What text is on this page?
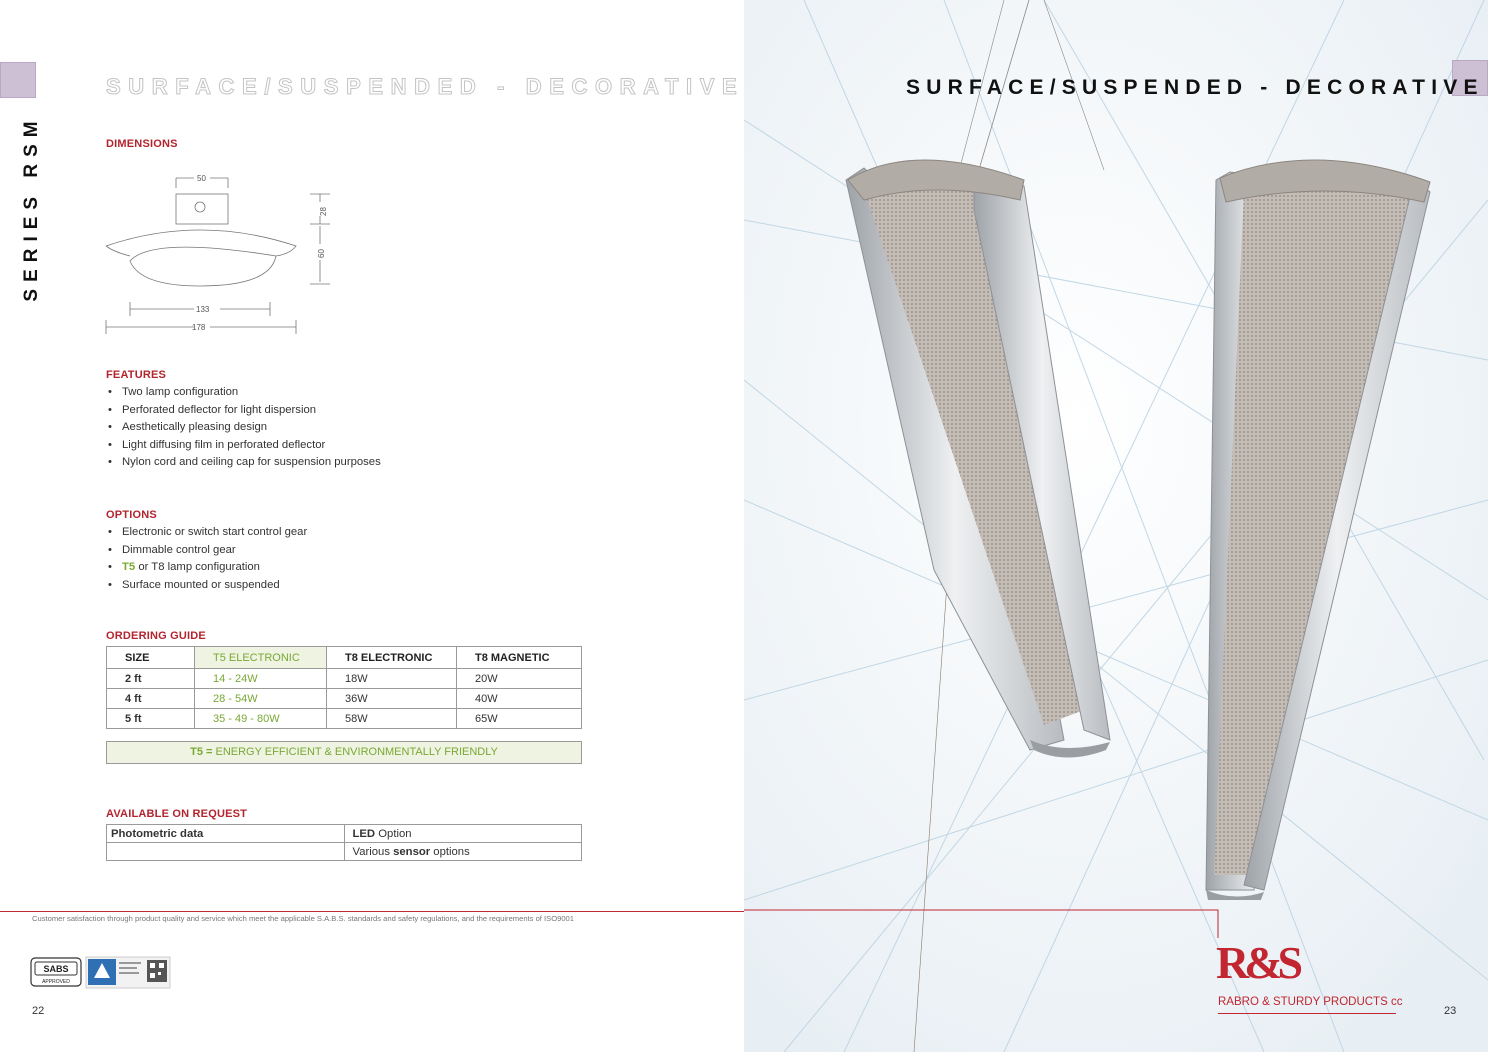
SERIES RSM
SURFACE/SUSPENDED - DECORATIVE
DIMENSIONS
50
28
60
133
178
FEATURES
• Two lamp configuration
• Perforated deflector for light dispersion
• Aesthetically pleasing design
• Light diffusing film in perforated deflector
• Nylon cord and ceiling cap for suspension purposes
OPTIONS
• Electronic or switch start control gear
• Dimmable control gear
• T5 or T8 lamp configuration
• Surface mounted or suspended
ORDERING GUIDE
SIZE	T5 ELECTRONIC	T8 ELECTRONIC	T8 MAGNETIC
2 ft	14 - 24W	18W	20W
4 ft	28 - 54W	36W	40W
5 ft	35 - 49 - 80W	58W	65W
T5 = ENERGY EFFICIENT & ENVIRONMENTALLY FRIENDLY
AVAILABLE ON REQUEST
Photometric data	LED Option
	Various sensor options
Customer satisfaction through product quality and service which meet the applicable S.A.B.S. standards and safety regulations, and the requirements of ISO9001
SABS
APPROVED
22	23
SURFACE/SUSPENDED - DECORATIVE
R&S
RABRO & STURDY PRODUCTS cc
